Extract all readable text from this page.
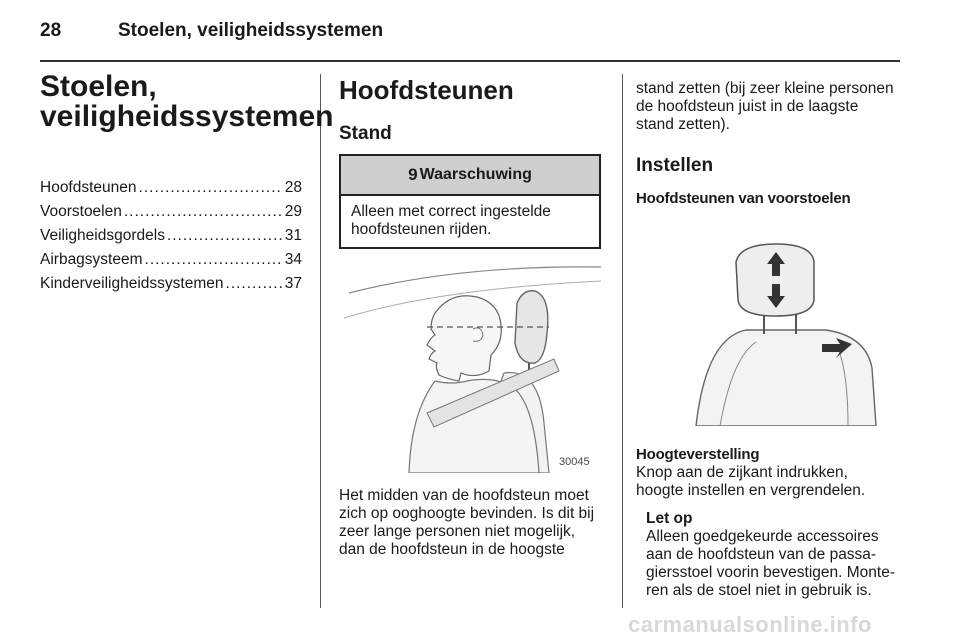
28	Stoelen, veiligheidssystemen
Stoelen,
veiligheidssystemen
Hoofdsteunen .....	28
Voorstoelen .....	29
Veiligheidsgordels .....	31
Airbagsysteem .....	34
Kinderveiligheidssystemen .....	37
Hoofdsteunen
Stand
9 Waarschuwing
Alleen met correct ingestelde
hoofdsteunen rijden.
30045

Het midden van de hoofdsteun moet
zich op ooghoogte bevinden. Is dit bij
zeer lange personen niet mogelijk,
dan de hoofdsteun in de hoogste

stand zetten (bij zeer kleine personen
de hoofdsteun juist in de laagste
stand zetten).

Instellen
Hoofdsteunen van voorstoelen
Hoogteverstelling

Knop aan de zijkant indrukken,
hoogte instellen en vergrendelen.

Let op

Alleen goedgekeurde accessoires
aan de hoofdsteun van de passa-
giersstoel voorin bevestigen. Monte-
ren als de stoel niet in gebruik is.

carmanualsonline.info
